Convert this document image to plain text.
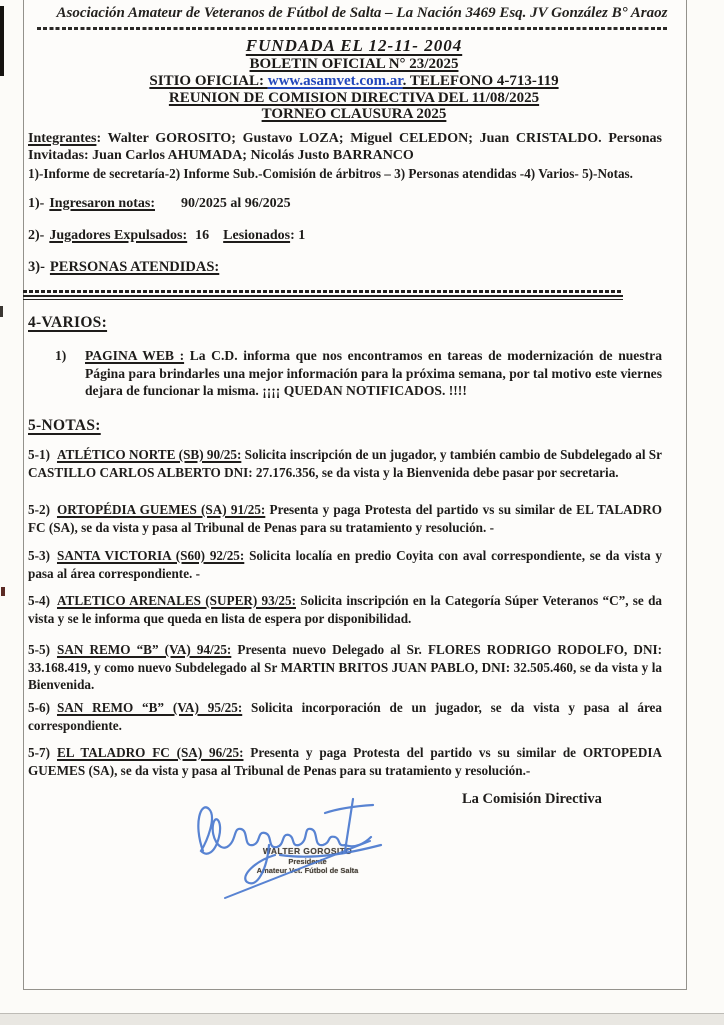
Asociación Amateur de Veteranos de Fútbol de Salta – La Nación 3469 Esq. JV González B° Araoz
FUNDADA EL 12-11- 2004
BOLETIN OFICIAL N° 23/2025
SITIO OFICIAL: www.asamvet.com.ar. TELEFONO 4-713-119
REUNION DE COMISION DIRECTIVA DEL 11/08/2025
TORNEO CLAUSURA 2025
Integrantes: Walter GOROSITO; Gustavo LOZA; Miguel CELEDON; Juan CRISTALDO. Personas Invitadas: Juan Carlos AHUMADA; Nicolás Justo BARRANCO
1)-Informe de secretaría-2) Informe Sub.-Comisión de árbitros – 3) Personas atendidas -4) Varios- 5)-Notas.
1)- Ingresaron notas: 90/2025 al 96/2025
2)- Jugadores Expulsados: 16 Lesionados: 1
3)- PERSONAS ATENDIDAS:
4-VARIOS:
1) PAGINA WEB : La C.D. informa que nos encontramos en tareas de modernización de nuestra Página para brindarles una mejor información para la próxima semana, por tal motivo este viernes dejara de funcionar la misma. ¡¡¡¡ QUEDAN NOTIFICADOS. !!!!
5-NOTAS:
5-1) ATLÉTICO NORTE (SB) 90/25: Solicita inscripción de un jugador, y también cambio de Subdelegado al Sr CASTILLO CARLOS ALBERTO DNI: 27.176.356, se da vista y la Bienvenida debe pasar por secretaria.
5-2) ORTOPÉDIA GUEMES (SA) 91/25: Presenta y paga Protesta del partido vs su similar de EL TALADRO FC (SA), se da vista y pasa al Tribunal de Penas para su tratamiento y resolución. -
5-3) SANTA VICTORIA (S60) 92/25: Solicita localía en predio Coyita con aval correspondiente, se da vista y pasa al área correspondiente. -
5-4) ATLETICO ARENALES (SUPER) 93/25: Solicita inscripción en la Categoría Súper Veteranos “C”, se da vista y se le informa que queda en lista de espera por disponibilidad.
5-5) SAN REMO “B” (VA) 94/25: Presenta nuevo Delegado al Sr. FLORES RODRIGO RODOLFO, DNI: 33.168.419, y como nuevo Subdelegado al Sr MARTIN BRITOS JUAN PABLO, DNI: 32.505.460, se da vista y la Bienvenida.
5-6) SAN REMO “B” (VA) 95/25: Solicita incorporación de un jugador, se da vista y pasa al área correspondiente.
5-7) EL TALADRO FC (SA) 96/25: Presenta y paga Protesta del partido vs su similar de ORTOPEDIA GUEMES (SA), se da vista y pasa al Tribunal de Penas para su tratamiento y resolución.-
La Comisión Directiva
WALTER GOROSITO
Presidente
Amateur Vet. Fútbol de Salta
